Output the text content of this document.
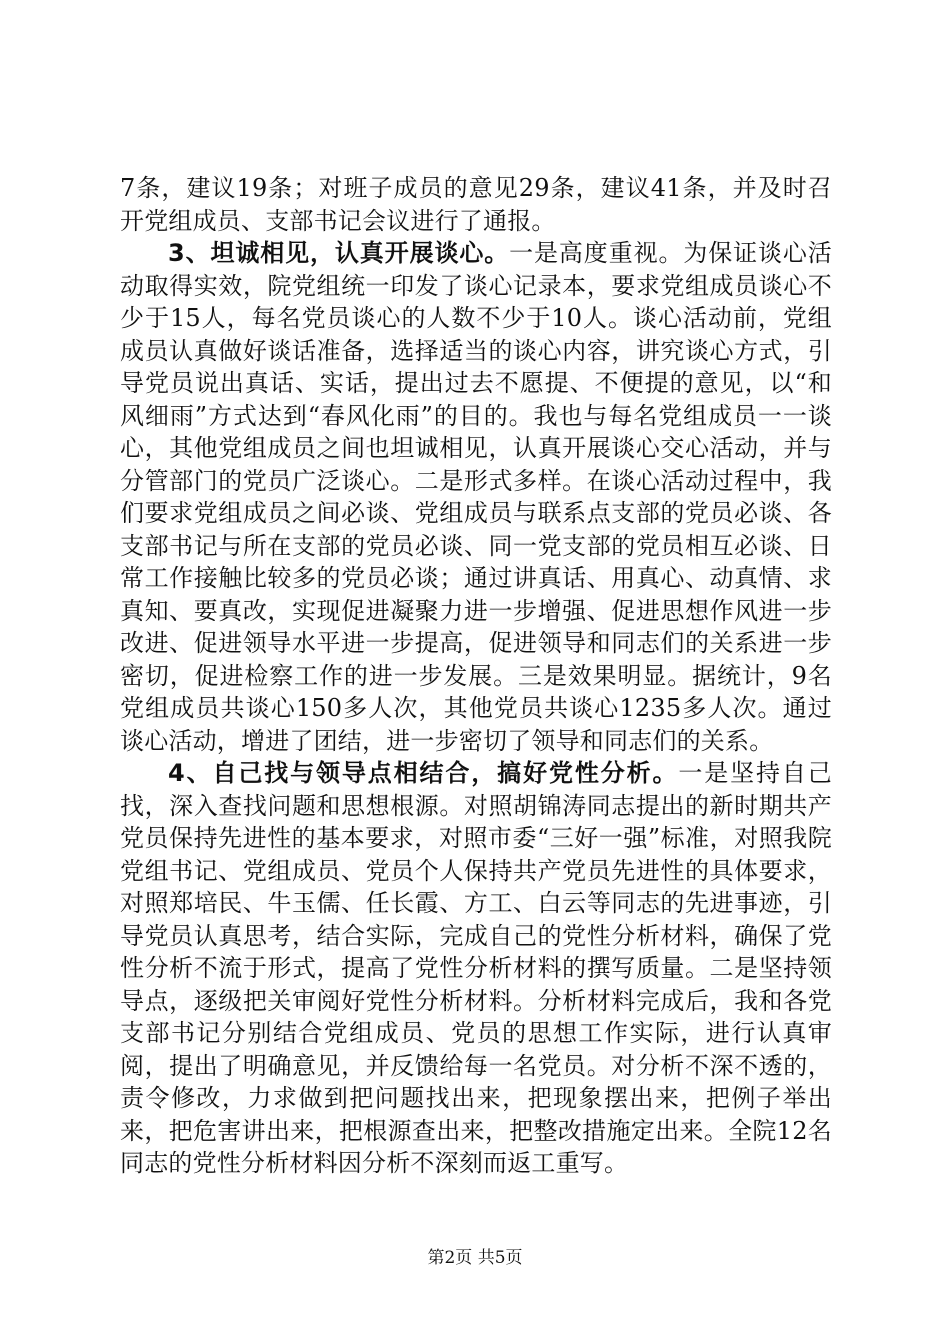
7条，建议19条；对班子成员的意见29条，建议41条，并及时召开党组成员、支部书记会议进行了通报。

3、坦诚相见，认真开展谈心。一是高度重视。为保证谈心活动取得实效，院党组统一印发了谈心记录本，要求党组成员谈心不少于15人，每名党员谈心的人数不少于10人。谈心活动前，党组成员认真做好谈话准备，选择适当的谈心内容，讲究谈心方式，引导党员说出真话、实话，提出过去不愿提、不便提的意见，以“和风细雨”方式达到“春风化雨”的目的。我也与每名党组成员一一谈心，其他党组成员之间也坦诚相见，认真开展谈心交心活动，并与分管部门的党员广泛谈心。二是形式多样。在谈心活动过程中，我们要求党组成员之间必谈、党组成员与联系点支部的党员必谈、各支部书记与所在支部的党员必谈、同一党支部的党员相互必谈、日常工作接触比较多的党员必谈；通过讲真话、用真心、动真情、求真知、要真改，实现促进凝聚力进一步增强、促进思想作风进一步改进、促进领导水平进一步提高，促进领导和同志们的关系进一步密切，促进检察工作的进一步发展。三是效果明显。据统计，9名党组成员共谈心150多人次，其他党员共谈心1235多人次。通过谈心活动，增进了团结，进一步密切了领导和同志们的关系。

4、自己找与领导点相结合，搞好党性分析。一是坚持自己找，深入查找问题和思想根源。对照胡锦涛同志提出的新时期共产党员保持先进性的基本要求，对照市委“三好一强”标准，对照我院党组书记、党组成员、党员个人保持共产党员先进性的具体要求，对照郑培民、牛玉儒、任长霞、方工、白云等同志的先进事迹，引导党员认真思考，结合实际，完成自己的党性分析材料，确保了党性分析不流于形式，提高了党性分析材料的撰写质量。二是坚持领导点，逐级把关审阅好党性分析材料。分析材料完成后，我和各党支部书记分别结合党组成员、党员的思想工作实际，进行认真审阅，提出了明确意见，并反馈给每一名党员。对分析不深不透的，责令修改，力求做到把问题找出来，把现象摆出来，把例子举出来，把危害讲出来，把根源查出来，把整改措施定出来。全院12名同志的党性分析材料因分析不深刻而返工重写。

第2页 共5页
